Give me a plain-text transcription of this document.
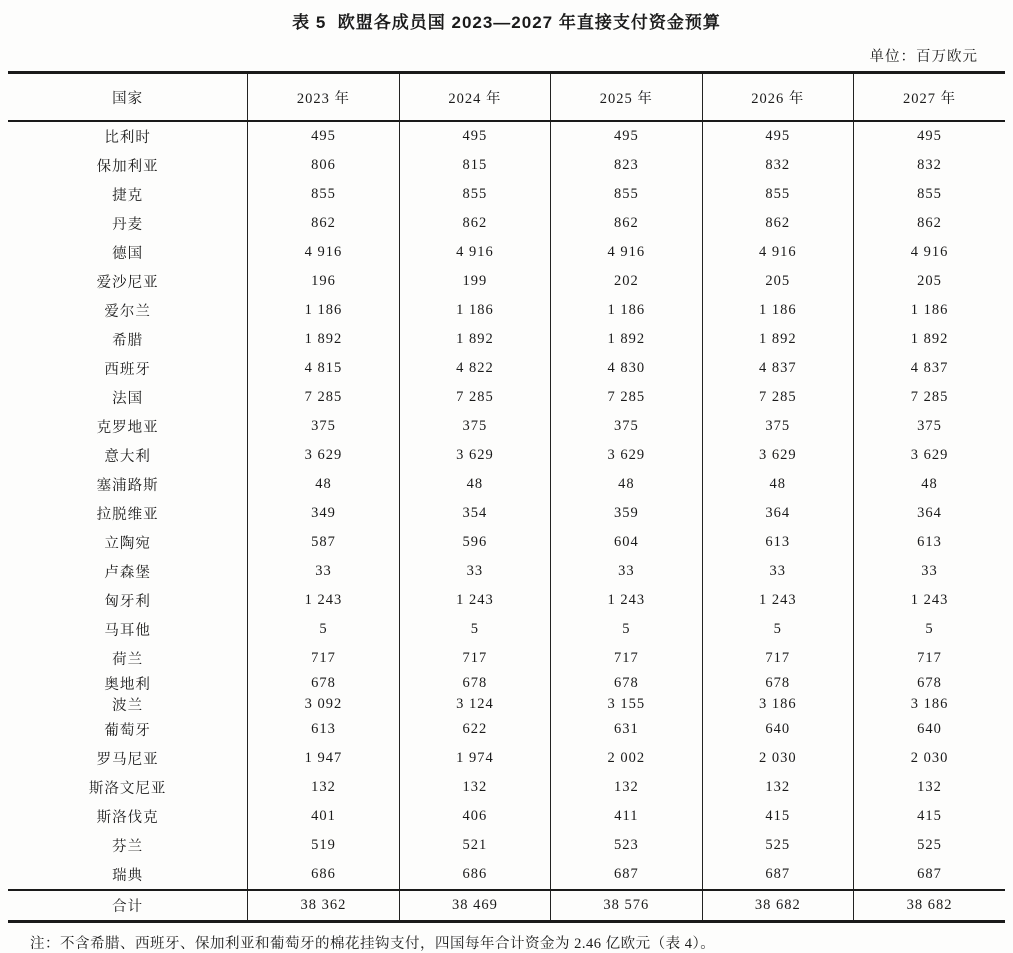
表 5  欧盟各成员国 2023—2027 年直接支付资金预算
单位：百万欧元
国家	2023 年	2024 年	2025 年	2026 年	2027 年
比利时	495	495	495	495	495
保加利亚	806	815	823	832	832
捷克	855	855	855	855	855
丹麦	862	862	862	862	862
德国	4 916	4 916	4 916	4 916	4 916
爱沙尼亚	196	199	202	205	205
爱尔兰	1 186	1 186	1 186	1 186	1 186
希腊	1 892	1 892	1 892	1 892	1 892
西班牙	4 815	4 822	4 830	4 837	4 837
法国	7 285	7 285	7 285	7 285	7 285
克罗地亚	375	375	375	375	375
意大利	3 629	3 629	3 629	3 629	3 629
塞浦路斯	48	48	48	48	48
拉脱维亚	349	354	359	364	364
立陶宛	587	596	604	613	613
卢森堡	33	33	33	33	33
匈牙利	1 243	1 243	1 243	1 243	1 243
马耳他	5	5	5	5	5
荷兰	717	717	717	717	717
奥地利	678	678	678	678	678
波兰	3 092	3 124	3 155	3 186	3 186
葡萄牙	613	622	631	640	640
罗马尼亚	1 947	1 974	2 002	2 030	2 030
斯洛文尼亚	132	132	132	132	132
斯洛伐克	401	406	411	415	415
芬兰	519	521	523	525	525
瑞典	686	686	687	687	687
合计	38 362	38 469	38 576	38 682	38 682
注：不含希腊、西班牙、保加利亚和葡萄牙的棉花挂钩支付，四国每年合计资金为 2.46 亿欧元（表 4）。
